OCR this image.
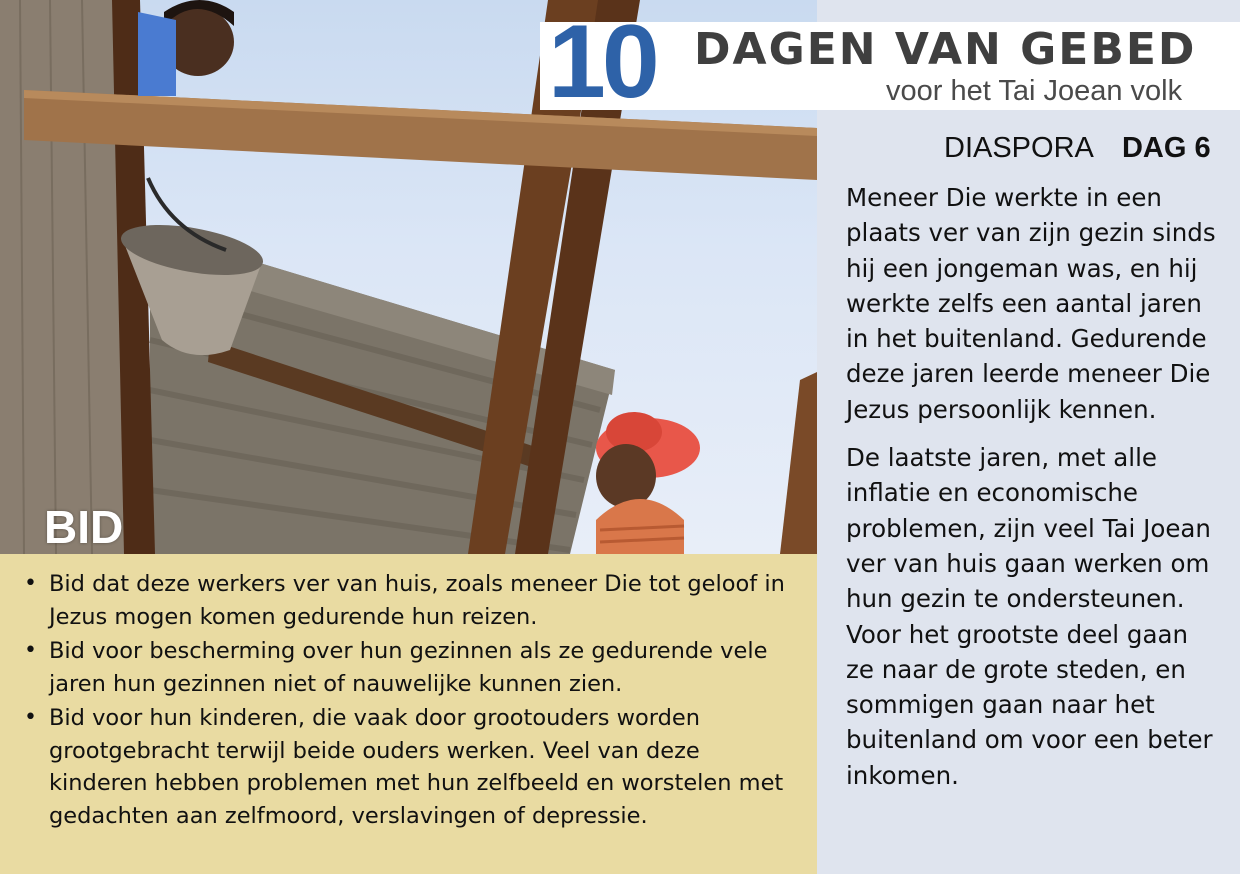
BID
10 DAGEN VAN GEBED
voor het Tai Joean volk
DIASPORA DAG 6

Meneer Die werkte in een plaats ver van zijn gezin sinds hij een jongeman was, en hij werkte zelfs een aantal jaren in het buitenland. Gedurende deze jaren leerde meneer Die Jezus persoonlijk kennen.

De laatste jaren, met alle inflatie en economische problemen, zijn veel Tai Joean ver van huis gaan werken om hun gezin te ondersteunen. Voor het grootste deel gaan ze naar de grote steden, en sommigen gaan naar het buitenland om voor een beter inkomen.

• Bid dat deze werkers ver van huis, zoals meneer Die tot geloof in Jezus mogen komen gedurende hun reizen.
• Bid voor bescherming over hun gezinnen als ze gedurende vele jaren hun gezinnen niet of nauwelijke kunnen zien.
• Bid voor hun kinderen, die vaak door grootouders worden grootgebracht terwijl beide ouders werken. Veel van deze kinderen hebben problemen met hun zelfbeeld en worstelen met gedachten aan zelfmoord, verslavingen of depressie.
